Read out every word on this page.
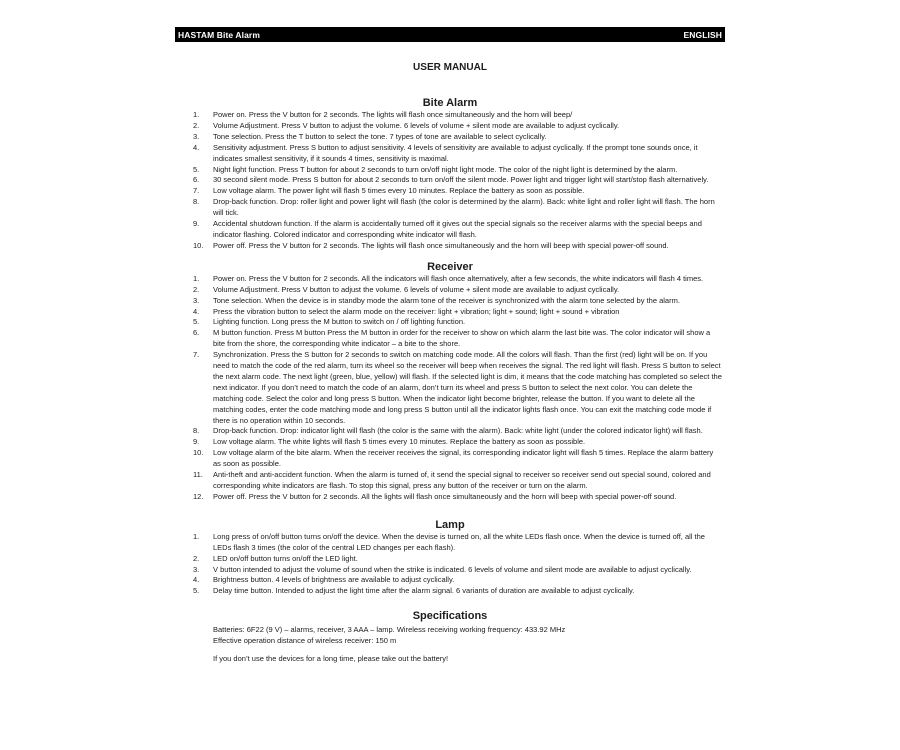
HASTAM Bite Alarm	ENGLISH
USER MANUAL
Bite Alarm
1.	Power on. Press the V button for 2 seconds. The lights will flash once simultaneously and the horn will beep/
2.	Volume Adjustment. Press V button to adjust the volume. 6 levels of volume + silent mode are available to adjust cyclically.
3.	Tone selection. Press the T button to select the tone. 7 types of tone are available to select cyclically.
4.	Sensitivity adjustment. Press S button to adjust sensitivity. 4 levels of sensitivity are available to adjust cyclically. If the prompt tone sounds once, it indicates smallest sensitivity, if it sounds 4 times, sensitivity is maximal.
5.	Night light function. Press T button for about 2 seconds to turn on/off night light mode. The color of the night light is determined by the alarm.
6.	30 second silent mode. Press S button for about 2 seconds to turn on/off the silent mode. Power light and trigger light will start/stop flash alternatively.
7.	Low voltage alarm. The power light will flash 5 times every 10 minutes. Replace the battery as soon as possible.
8.	Drop-back function. Drop: roller light and power light will flash (the color is determined by the alarm). Back: white light and roller light will flash. The horn will tick.
9.	Accidental shutdown function. If the alarm is accidentally turned off it gives out the special signals so the receiver alarms with the special beeps and indicator flashing. Colored indicator and corresponding white indicator will flash.
10.	Power off. Press the V button for 2 seconds. The lights will flash once simultaneously and the horn will beep with special power-off sound.
Receiver
1.	Power on. Press the V button for 2 seconds. All the indicators will flash once alternatively, after a few seconds, the white indicators will flash 4 times.
2.	Volume Adjustment. Press V button to adjust the volume. 6 levels of volume + silent mode are available to adjust cyclically.
3.	Tone selection. When the device is in standby mode the alarm tone of the receiver is synchronized with the alarm tone selected by the alarm.
4.	Press the vibration button to select the alarm mode on the receiver: light + vibration; light + sound; light + sound + vibration
5.	Lighting function. Long press the M button to switch on / off lighting function.
6.	M button function. Press M button Press the M button in order for the receiver to show on which alarm the last bite was. The color indicator will show a bite from the shore, the corresponding white indicator – a bite to the shore.
7.	Synchronization. Press the S button for 2 seconds to switch on matching code mode. All the colors will flash. Than the first (red) light will be on. If you need to match the code of the red alarm, turn its wheel so the receiver will beep when receives the signal. The red light will flash. Press S button to select the next alarm code. The next light (green, blue, yellow) will flash. If the selected light is dim, it means that the code matching has completed so select the next indicator. If you don’t need to match the code of an alarm, don’t turn its wheel and press S button to select the next color. You can delete the matching code. Select the color and long press S button. When the indicator light become brighter, release the button. If you want to delete all the matching codes, enter the code matching mode and long press S button until all the indicator lights flash once. You can exit the matching code mode if there is no operation within 10 seconds.
8.	Drop-back function. Drop: indicator light will flash (the color is the same with the alarm). Back: white light (under the colored indicator light) will flash.
9.	Low voltage alarm. The white lights will flash 5 times every 10 minutes. Replace the battery as soon as possible.
10.	Low voltage alarm of the bite alarm. When the receiver receives the signal, its corresponding indicator light will flash 5 times. Replace the alarm battery as soon as possible.
11.	Anti-theft and anti-accident function. When the alarm is turned of, it send the special signal to receiver so receiver send out special sound, colored and corresponding white indicators are flash. To stop this signal, press any button of the receiver or turn on the alarm.
12.	Power off. Press the V button for 2 seconds. All the lights will flash once simultaneously and the horn will beep with special power-off sound.
Lamp
1.	Long press of on/off button turns on/off the device. When the devise is turned on, all the white LEDs flash once. When the device is turned off, all the LEDs flash 3 times (the color of the central LED changes per each flash).
2.	LED on/off button turns on/off the LED light.
3.	V button intended to adjust the volume of sound when the strike is indicated. 6 levels of volume and silent mode are available to adjust cyclically.
4.	Brightness button. 4 levels of brightness are available to adjust cyclically.
5.	Delay time button. Intended to adjust the light time after the alarm signal. 6 variants of duration are available to adjust cyclically.
Specifications
Batteries: 6F22 (9 V) – alarms, receiver, 3 AAA – lamp. Wireless receiving working frequency: 433.92 MHz
Effective operation distance of wireless receiver: 150 m
If you don’t use the devices for a long time, please take out the battery!
